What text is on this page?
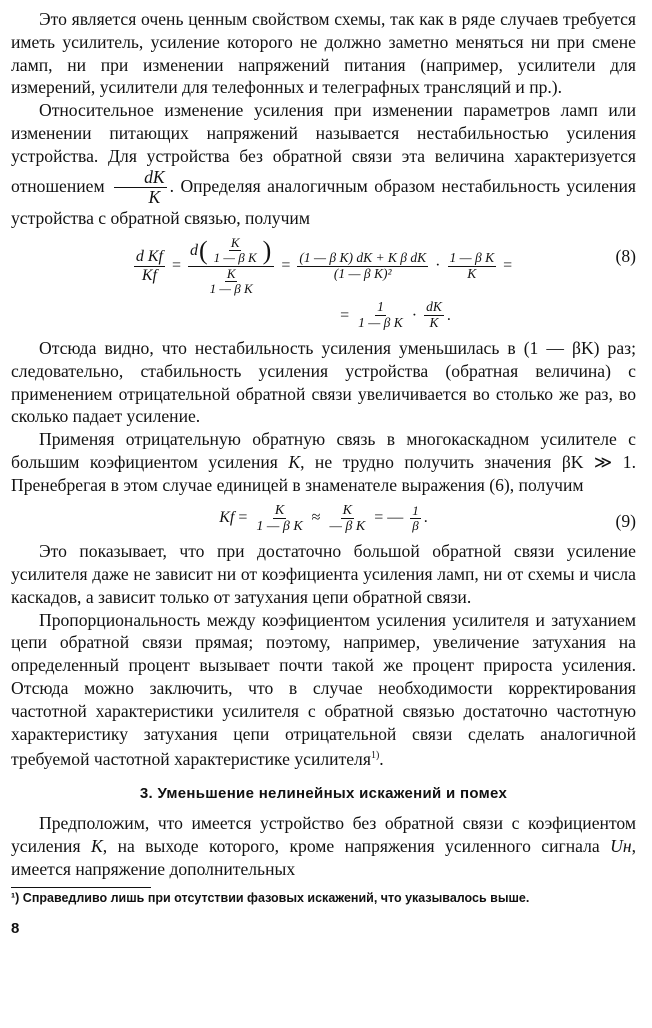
Это является очень ценным свойством схемы, так как в ряде случаев требуется иметь усилитель, усиление которого не должно заметно меняться ни при смене ламп, ни при изменении напряжений питания (например, усилители для измерений, усилители для телефонных и телеграфных трансляций и пр.).

Относительное изменение усиления при изменении параметров ламп или изменении питающих напряжений называется нестабильностью усиления устройства. Для устройства без обратной связи эта величина характеризуется отношением $\frac{dK}{K}$ . Определяя аналогичным образом нестабильность усиления устройства с обратной связью, получим

$\frac{\text{d Kf}}{Kf}$ =
d ( $\frac{K}{\text{1 — β K}}$ )
$\frac{K}{\text{1 — β K}}$
= $\frac{\text{(1 — β K) dK + K β dK}}{\text{(1 — β K)²}} \cdot \frac{\text{1 — β K}}{K}$ =
= $\frac{1}{\text{1 — β K}} \cdot \frac{dK}{K}$ .
(8)

Отсюда видно, что нестабильность усиления уменьшилась в (1 — βK) раз; следовательно, стабильность усиления устройства (обратная величина) с применением отрицательной обратной связи увеличивается во столько же раз, во сколько падает усиление.

Применяя отрицательную обратную связь в многокаскадном усилителе с большим коэфициентом усиления K, не трудно получить значения βK ≫ 1. Пренебрегая в этом случае единицей в знаменателе выражения (6), получим

$Kf = \frac{K}{\text{1 — β K}} \approx \frac{K}{\text{— β K}}$ = — $\frac{1}{\beta}$ .	(9)

Это показывает, что при достаточно большой обратной связи усиление усилителя даже не зависит ни от коэфициента усиления ламп, ни от схемы и числа каскадов, а зависит только от затухания цепи обратной связи.

Пропорциональность между коэфициентом усиления усилителя и затуханием цепи обратной связи прямая; поэтому, например, увеличение затухания на определенный процент вызывает почти такой же процент прироста усиления. Отсюда можно заключить, что в случае необходимости корректирования частотной характеристики усилителя с обратной связью достаточно частотную характеристику затухания цепи отрицательной связи сделать аналогичной требуемой частотной характеристике усилителя$^{1)}$.

3. Уменьшение нелинейных искажений и помех

Предположим, что имеется устройство без обратной связи с коэфициентом усиления K, на выходе которого, кроме напряжения усиленного сигнала Uн, имеется напряжение дополнительных

¹) Справедливо лишь при отсутствии фазовых искажений, что указывалось выше.
8
